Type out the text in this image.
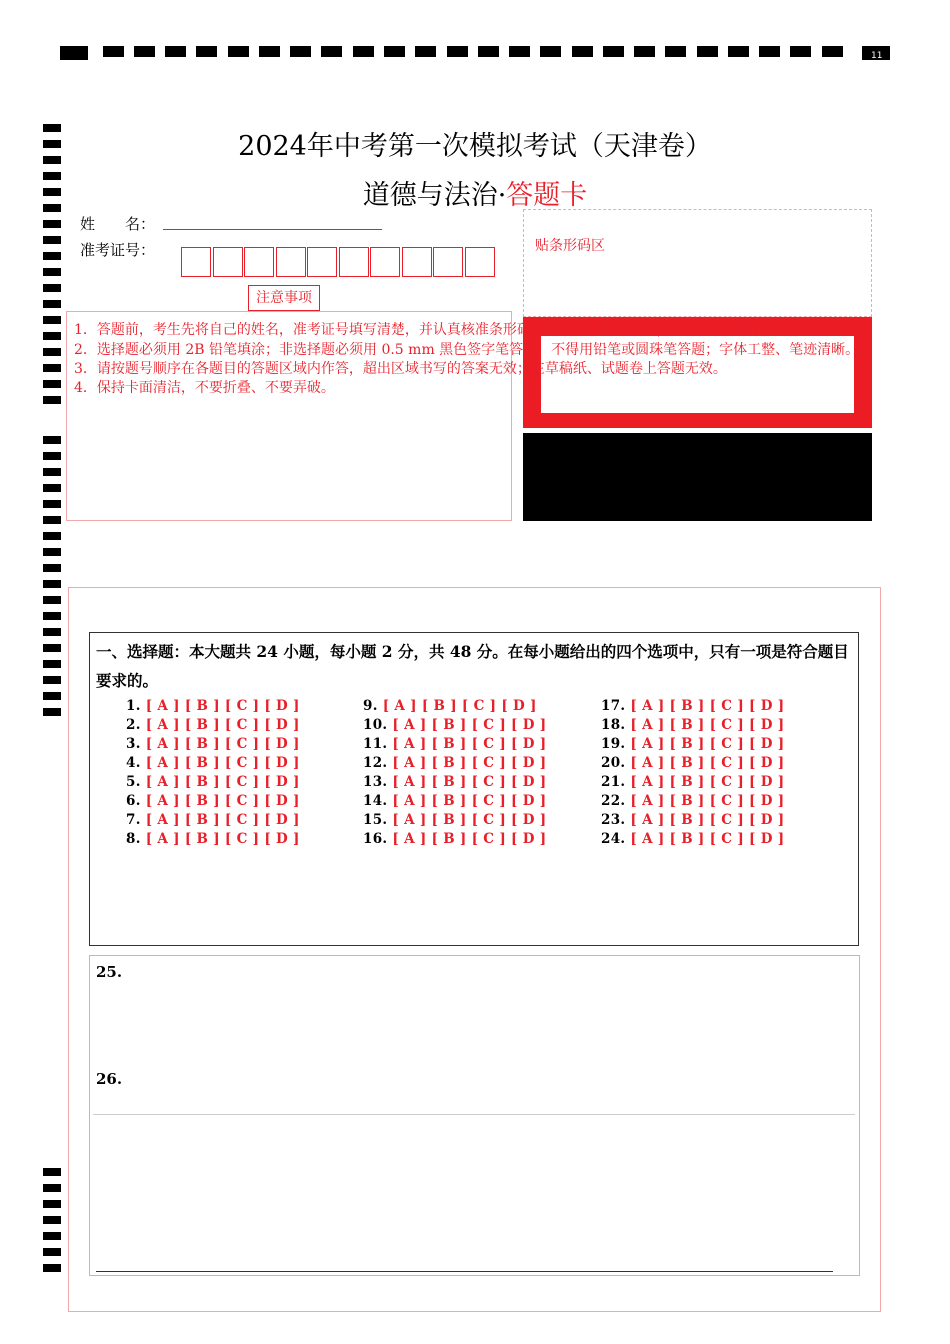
11
2024年中考第一次模拟考试（天津卷）
道德与法治·答题卡
姓　　名：
准考证号：
注意事项
贴条形码区
1．答题前，考生先将自己的姓名，准考证号填写清楚，并认真核准条形码上的姓名、准考证号，在规定位置贴好条形码。
2．选择题必须用 2B 铅笔填涂；非选择题必须用 0.5 mm 黑色签字笔答题，不得用铅笔或圆珠笔答题；字体工整、笔迹清晰。
3．请按题号顺序在各题目的答题区域内作答，超出区域书写的答案无效；在草稿纸、试题卷上答题无效。
4．保持卡面清洁，不要折叠、不要弄破。
一、选择题：本大题共 24 小题，每小题 2 分，共 48 分。在每小题给出的四个选项中，只有一项是符合题目要求的。
1. [ A ] [ B ] [ C ] [ D ]
2. [ A ] [ B ] [ C ] [ D ]
3. [ A ] [ B ] [ C ] [ D ]
4. [ A ] [ B ] [ C ] [ D ]
5. [ A ] [ B ] [ C ] [ D ]
6. [ A ] [ B ] [ C ] [ D ]
7. [ A ] [ B ] [ C ] [ D ]
8. [ A ] [ B ] [ C ] [ D ]
9. [ A ] [ B ] [ C ] [ D ]
10. [ A ] [ B ] [ C ] [ D ]
11. [ A ] [ B ] [ C ] [ D ]
12. [ A ] [ B ] [ C ] [ D ]
13. [ A ] [ B ] [ C ] [ D ]
14. [ A ] [ B ] [ C ] [ D ]
15. [ A ] [ B ] [ C ] [ D ]
16. [ A ] [ B ] [ C ] [ D ]
17. [ A ] [ B ] [ C ] [ D ]
18. [ A ] [ B ] [ C ] [ D ]
19. [ A ] [ B ] [ C ] [ D ]
20. [ A ] [ B ] [ C ] [ D ]
21. [ A ] [ B ] [ C ] [ D ]
22. [ A ] [ B ] [ C ] [ D ]
23. [ A ] [ B ] [ C ] [ D ]
24. [ A ] [ B ] [ C ] [ D ]
25.
26.
